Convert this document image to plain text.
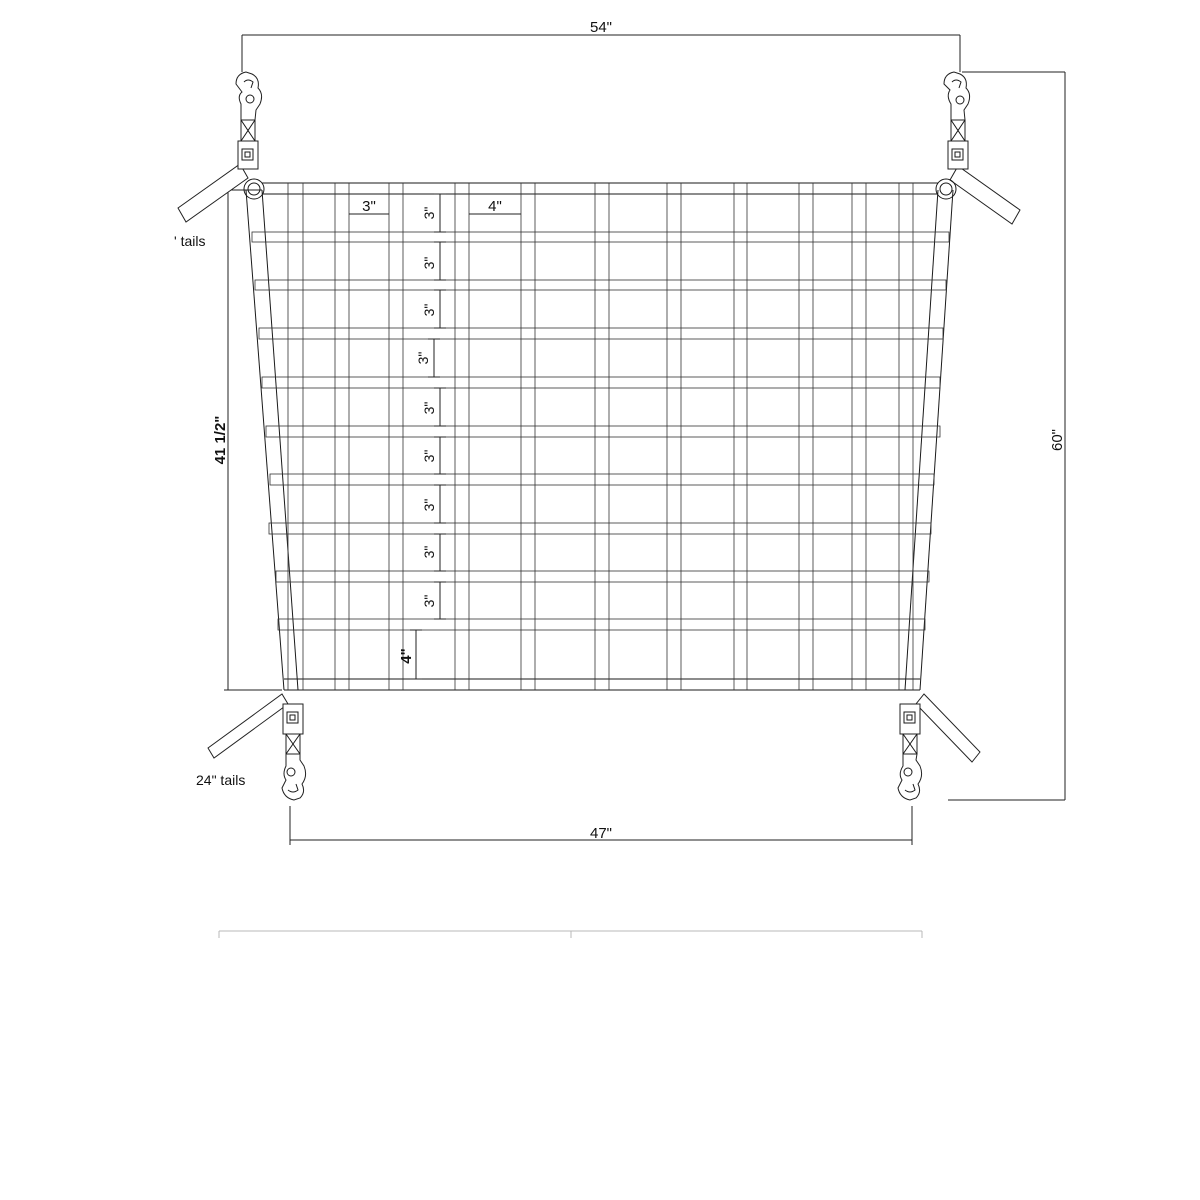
3"	4"
3"
3"
3"
3"
3"
3"
3"
3"
3"
4"
54"
47"
60"
41 1/2"
' tails
24" tails
